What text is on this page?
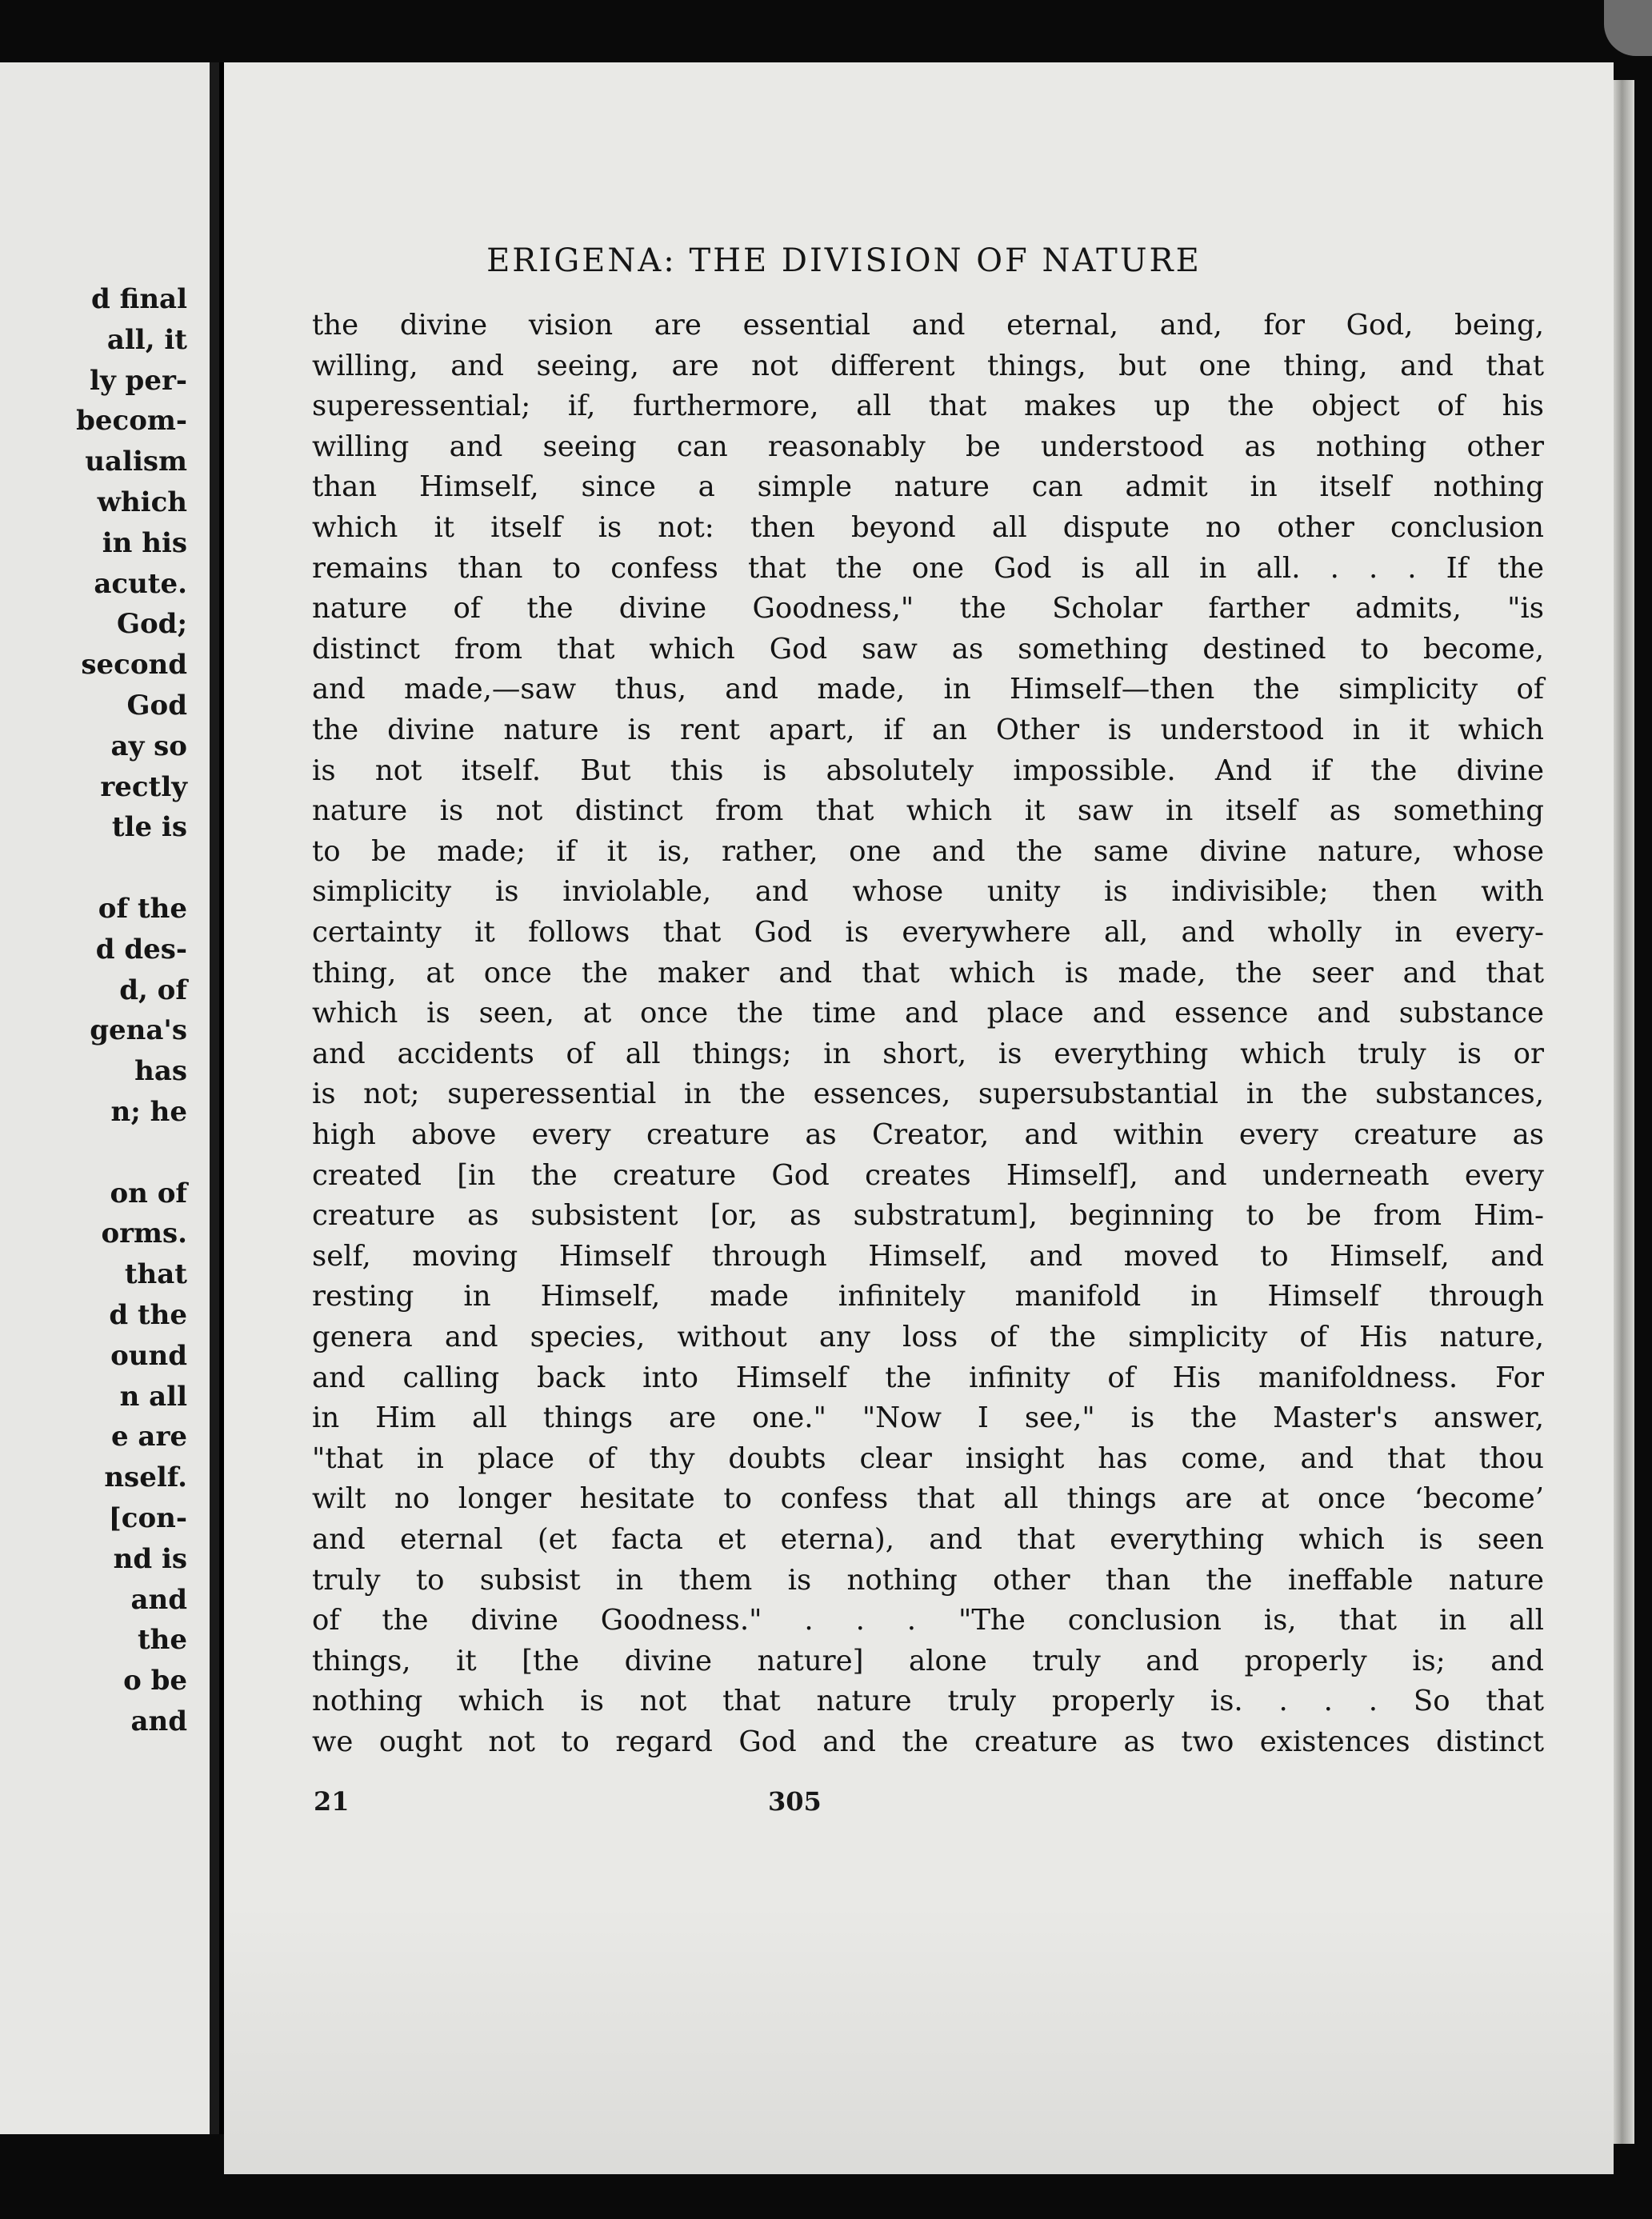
d final
all, it
ly per-
becom-
ualism
which
in his
acute.
God;
second
God
ay so
rectly
tle is
of the
d des-
d, of
gena's
has
n; he
on of
orms.
that
d the
ound
n all
e are
nself.
[con-
nd is
and
the
o be
and
ERIGENA: THE DIVISION OF NATURE
21	305
the divine vision are essential and eternal, and, for God, being,
willing, and seeing, are not different things, but one thing, and that
superessential; if, furthermore, all that makes up the object of his
willing and seeing can reasonably be understood as nothing other
than Himself, since a simple nature can admit in itself nothing
which it itself is not: then beyond all dispute no other conclusion
remains than to confess that the one God is all in all. . . . If the
nature of the divine Goodness," the Scholar farther admits, "is
distinct from that which God saw as something destined to become,
and made,—saw thus, and made, in Himself—then the simplicity of
the divine nature is rent apart, if an Other is understood in it which
is not itself. But this is absolutely impossible. And if the divine
nature is not distinct from that which it saw in itself as something
to be made; if it is, rather, one and the same divine nature, whose
simplicity is inviolable, and whose unity is indivisible; then with
certainty it follows that God is everywhere all, and wholly in every-
thing, at once the maker and that which is made, the seer and that
which is seen, at once the time and place and essence and substance
and accidents of all things; in short, is everything which truly is or
is not; superessential in the essences, supersubstantial in the substances,
high above every creature as Creator, and within every creature as
created [in the creature God creates Himself], and underneath every
creature as subsistent [or, as substratum], beginning to be from Him-
self, moving Himself through Himself, and moved to Himself, and
resting in Himself, made infinitely manifold in Himself through
genera and species, without any loss of the simplicity of His nature,
and calling back into Himself the infinity of His manifoldness. For
in Him all things are one." "Now I see," is the Master's answer,
"that in place of thy doubts clear insight has come, and that thou
wilt no longer hesitate to confess that all things are at once ‘become’
and eternal (et facta et eterna), and that everything which is seen
truly to subsist in them is nothing other than the ineffable nature
of the divine Goodness." . . . "The conclusion is, that in all
things, it [the divine nature] alone truly and properly is; and
nothing which is not that nature truly properly is. . . . So that
we ought not to regard God and the creature as two existences distinct
